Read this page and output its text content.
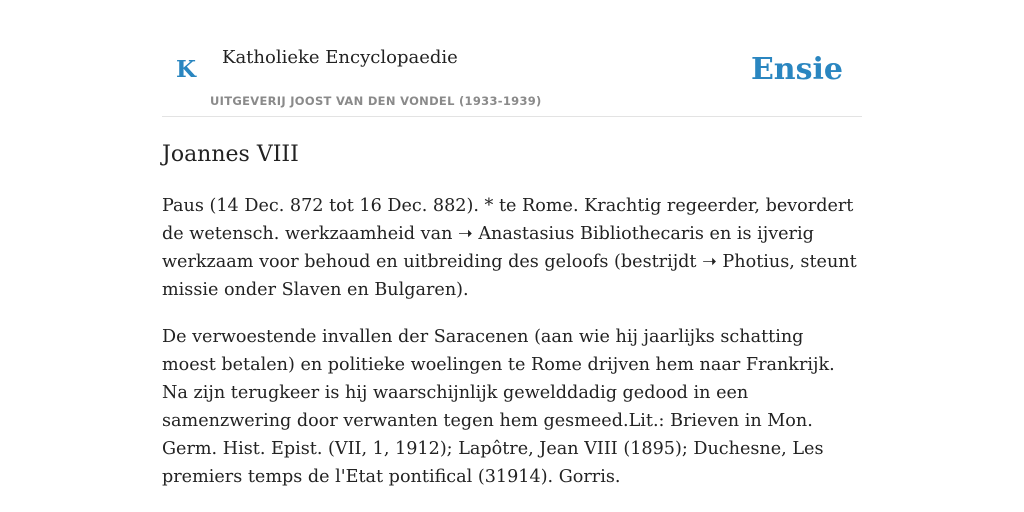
K Katholieke Encyclopaedie
UITGEVERIJ JOOST VAN DEN VONDEL (1933-1939)
Ensie
Joannes VIII

Paus (14 Dec. 872 tot 16 Dec. 882). * te Rome. Krachtig regeerder, bevordert de wetensch. werkzaamheid van ➝ Anastasius Bibliothecaris en is ijverig werkzaam voor behoud en uitbreiding des geloofs (bestrijdt ➝ Photius, steunt missie onder Slaven en Bulgaren).

De verwoestende invallen der Saracenen (aan wie hij jaarlijks schatting moest betalen) en politieke woelingen te Rome drijven hem naar Frankrijk. Na zijn terugkeer is hij waarschijnlijk gewelddadig gedood in een samenzwering door verwanten tegen hem gesmeed.Lit.: Brieven in Mon. Germ. Hist. Epist. (VII, 1, 1912); Lapôtre, Jean VIII (1895); Duchesne, Les premiers temps de l'Etat pontifical (31914). Gorris.
